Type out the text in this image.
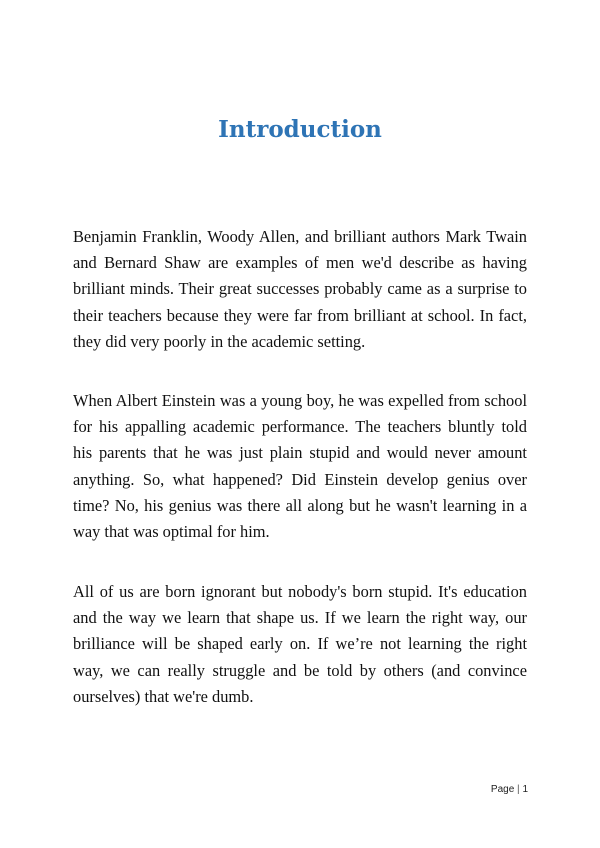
Introduction

Benjamin Franklin, Woody Allen, and brilliant authors Mark Twain and Bernard Shaw are examples of men we'd describe as having brilliant minds. Their great successes probably came as a surprise to their teachers because they were far from brilliant at school. In fact, they did very poorly in the academic setting.

When Albert Einstein was a young boy, he was expelled from school for his appalling academic performance. The teachers bluntly told his parents that he was just plain stupid and would never amount anything. So, what happened? Did Einstein develop genius over time? No, his genius was there all along but he wasn't learning in a way that was optimal for him.

All of us are born ignorant but nobody's born stupid. It's education and the way we learn that shape us. If we learn the right way, our brilliance will be shaped early on. If we’re not learning the right way, we can really struggle and be told by others (and convince ourselves) that we're dumb.

Page | 1
